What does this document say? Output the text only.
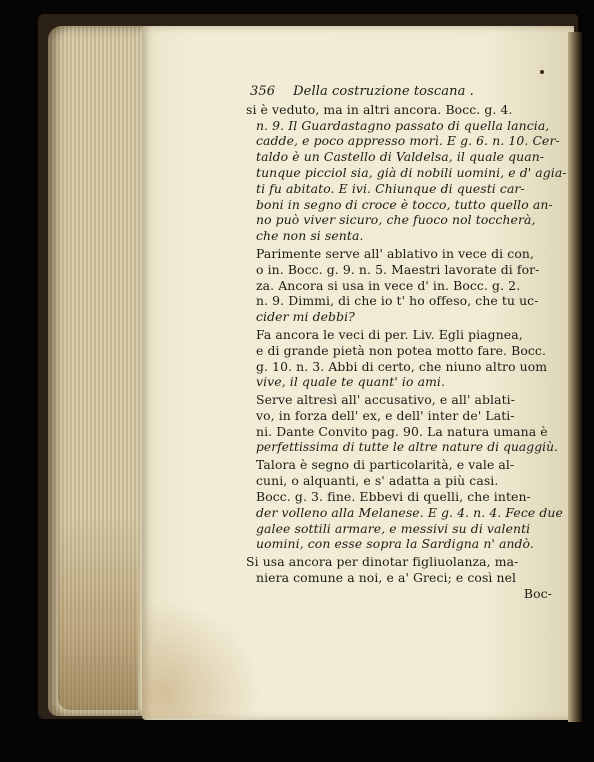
356 Della costruzione toscana .
si è veduto, ma in altri ancora. Bocc. g. 4.
n. 9. Il Guardastagno passato di quella lancia,
cadde, e poco appresso morì. E g. 6. n. 10. Cer-
taldo è un Castello di Valdelsa, il quale quan-
tunque picciol sia, già di nobili uomini, e d' agia-
ti fu abitato. E ivi. Chiunque di questi car-
boni in segno di croce è tocco, tutto quello an-
no può viver sicuro, che fuoco nol toccherà,
che non si senta.
Parimente serve all' ablativo in vece di con,
o in. Bocc. g. 9. n. 5. Maestri lavorate di for-
za. Ancora si usa in vece d' in. Bocc. g. 2.
n. 9. Dimmi, di che io t' ho offeso, che tu uc-
cider mi debbi?
Fa ancora le veci di per. Liv. Egli piagnea,
e di grande pietà non potea motto fare. Bocc.
g. 10. n. 3. Abbi di certo, che niuno altro uom
vive, il quale te quant' io ami.
Serve altresì all' accusativo, e all' ablati-
vo, in forza dell' ex, e dell' inter de' Lati-
ni. Dante Convito pag. 90. La natura umana è
perfettissima di tutte le altre nature di quaggiù.
Talora è segno di particolarità, e vale al-
cuni, o alquanti, e s' adatta a più casi.
Bocc. g. 3. fine. Ebbevi di quelli, che inten-
der volleno alla Melanese. E g. 4. n. 4. Fece due
galee sottili armare, e messivi su di valenti
uomini, con esse sopra la Sardigna n' andò.
Si usa ancora per dinotar figliuolanza, ma-
niera comune a noi, e a' Greci; e così nel
Boc-
